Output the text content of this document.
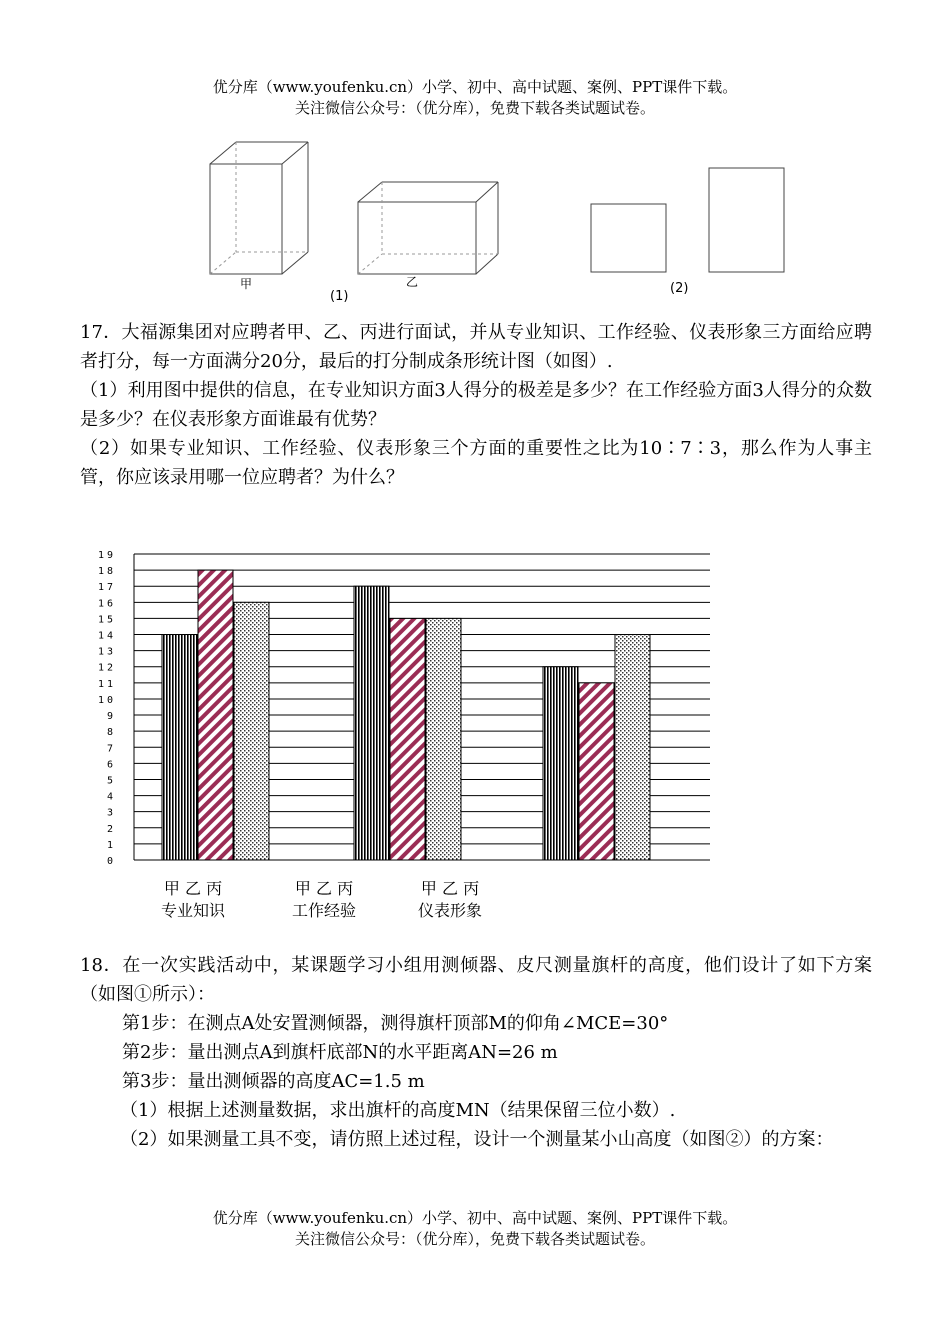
优分库（www.youfenku.cn）小学、初中、高中试题、案例、PPT课件下载。
关注微信公众号：（优分库），免费下载各类试题试卷。
甲	乙
(1)
(2)

17．大福源集团对应聘者甲、乙、丙进行面试，并从专业知识、工作经验、仪表形象三方面给应聘者打分，每一方面满分20分，最后的打分制成条形统计图（如图）.

（1）利用图中提供的信息，在专业知识方面3人得分的极差是多少？在工作经验方面3人得分的众数是多少？在仪表形象方面谁最有优势？

（2）如果专业知识、工作经验、仪表形象三个方面的重要性之比为10∶7∶3，那么作为人事主管，你应该录用哪一位应聘者？为什么？

0
1
2
3
4
5
6
7
8
9
10
11
12
13
14
15
16
17
18
19
甲 乙 丙
专业知识
甲 乙 丙
工作经验
甲 乙 丙
仪表形象

18．在一次实践活动中，某课题学习小组用测倾器、皮尺测量旗杆的高度，他们设计了如下方案（如图①所示）：

第1步：在测点A处安置测倾器，测得旗杆顶部M的仰角∠MCE=30°

第2步：量出测点A到旗杆底部N的水平距离AN=26 m

第3步：量出测倾器的高度AC=1.5 m

（1）根据上述测量数据，求出旗杆的高度MN（结果保留三位小数）.

（2）如果测量工具不变，请仿照上述过程，设计一个测量某小山高度（如图②）的方案：

优分库（www.youfenku.cn）小学、初中、高中试题、案例、PPT课件下载。
关注微信公众号：（优分库），免费下载各类试题试卷。
